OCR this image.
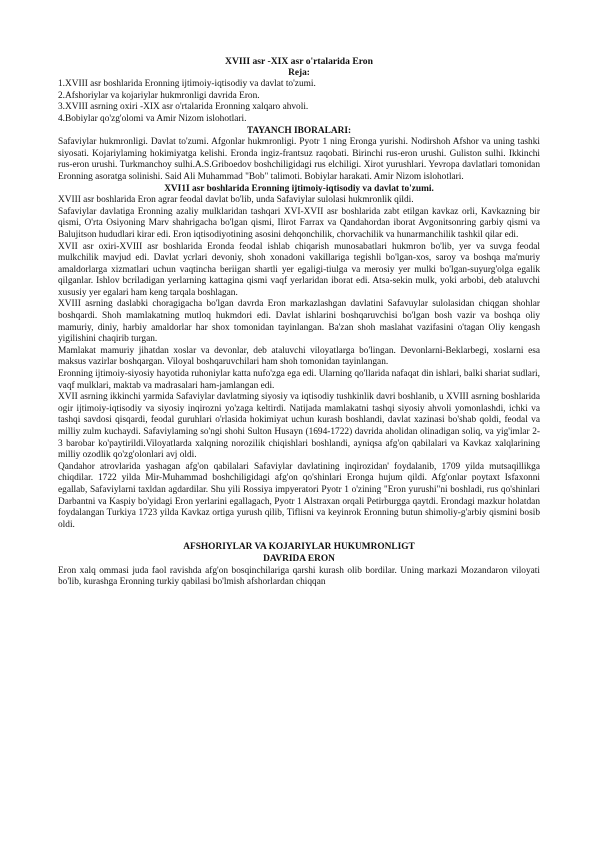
XVIII asr -XIX asr o'rtalarida Eron
Reja:

1.XVIII asr boshlarida Eronning ijtimoiy-iqtisodiy va davlat to'zumi.

2.Afshoriylar va kojariylar hukmronligi davrida Eron.

3.XVIII asrning oxiri -XIX asr o'rtalarida Eronning xalqaro ahvoli.

4.Bobiylar qo'zg'olomi va Amir Nizom islohotlari.

TAYANCH IBORALARI:

Safaviylar hukmronligi. Davlat to'zumi. Afgonlar hukmronligi. Pyotr 1 ning Eronga yurishi. Nodirshoh Afshor va uning tashki siyosati. Kojariylaming hokimiyatga kelishi. Eronda ingiz-frantsuz raqobati. Birinchi rus-eron urushi. Guliston sulhi. Ikkinchi rus-eron urushi. Turkmanchoy sulhi.A.S.Griboedov boshchiligidagi rus elchiligi. Xirot yurushlari. Yevropa davlatlari tomonidan Eronning asoratga solinishi. Said Ali Muhammad "Bob" talimoti. Bobiylar harakati. Amir Nizom islohotlari.

XVI1I asr boshlarida Eronning ijtimoiy-iqtisodiy va davlat to'zumi.

XVIII asr boshlarida Eron agrar feodal davlat bo'lib, unda Safaviylar sulolasi hukmronlik qildi.

Safaviylar davlatiga Eronning azaliy mulklaridan tashqari XVI-XVII asr boshlarida zabt etilgan kavkaz orli, Kavkazning bir qismi, O'rta Osiyoning Marv shahrigacha bo'lgan qismi, Ilirot Farrax va Qandahordan iborat Avgonitsonring garbiy qismi va Balujitson hududlari kirar edi. Eron iqtisodiyotining asosini dehqonchilik, chorvachilik va hunarmanchilik tashkil qilar edi.

XVII asr oxiri-XVIII asr boshlarida Eronda feodal ishlab chiqarish munosabatlari hukmron bo'lib, yer va suvga feodal mulkchilik mavjud edi. Davlat ycrlari devoniy, shoh xonadoni vakillariga tegishli bo'lgan-xos, saroy va boshqa ma'muriy amaldorlarga xizmatlari uchun vaqtincha beriigan shartli yer egaligi-tiulga va merosiy yer mulki bo'lgan-suyurg'olga egalik qilganlar. Ishlov bcriladigan yerlarning kattagina qismi vaqf yerlaridan iborat edi. Atsa-sekin mulk, yoki arbobi, deb ataluvchi xususiy yer egalari ham keng tarqala boshlagan.

XVIII asrning daslabki choragigacha bo'lgan davrda Eron markazlashgan davlatini Safavuylar sulolasidan chiqgan shohlar boshqardi. Shoh mamlakatning mutloq hukmdori edi. Davlat ishlarini boshqaruvchisi bo'lgan bosh vazir va boshqa oliy mamuriy, diniy, harbiy amaldorlar har shox tomonidan tayinlangan. Ba'zan shoh maslahat vazifasini o'tagan Oliy kengash yigilishini chaqirib turgan.

Mamlakat mamuriy jihatdan xoslar va devonlar, deb ataluvchi viloyatlarga bo'lingan. Devonlarni-Beklarbegi, xoslarni esa maksus vazirlar boshqargan. Viloyal boshqaruvchilari ham shoh tomonidan tayinlangan.

Eronning ijtimoiy-siyosiy hayotida ruhoniylar katta nufo'zga ega edi. Ularning qo'llarida nafaqat din ishlari, balki shariat sudlari, vaqf mulklari, maktab va madrasalari ham-jamlangan edi.

XVII asrning ikkinchi yarmida Safaviylar davlatming siyosiy va iqtisodiy tushkinlik davri boshlanib, u XVIII asrning boshlarida ogir ijtimoiy-iqtisodiy va siyosiy inqirozni yo'zaga keltirdi. Natijada mamlakatni tashqi siyosiy ahvoli yomonlashdi, ichki va tashqi savdosi qisqardi, feodal guruhlari o'rlasida hokimiyat uchun kurash boshlandi, davlat xazinasi bo'shab qoldi, feodal va milliy zulm kuchaydi. Safaviylaming so'ngi shohi Sulton Husayn (1694-1722) davrida aholidan olinadigan soliq, va yig'imlar 2-3 barobar ko'paytirildi.Viloyatlarda xalqning norozilik chiqishlari boshlandi, ayniqsa afg'on qabilalari va Kavkaz xalqlarining milliy ozodlik qo'zg'olonlari avj oldi.

Qandahor atrovlarida yashagan afg'on qabilalari Safaviylar davlatining inqirozidan' foydalanib, 1709 yilda mutsaqillikga chiqdilar. 1722 yilda Mir-Muhammad boshchiligidagi afg'on qo'shinlari Eronga hujum qildi. Afg'onlar poytaxt Isfaxonni egallab, Safaviylarni taxldan agdardilar. Shu yili Rossiya impyeratori Pyotr 1 o'zining "Eron yurushi"ni boshladi, rus qo'shinlari Darbantni va Kaspiy bo'yidagi Eron yerlarini egallagach, Pyotr 1 Alstraxan orqali Petirburgga qaytdi. Erondagi mazkur holatdan foydalangan Turkiya 1723 yilda Kavkaz ortiga yurush qilib, Tiflisni va keyinrok Eronning butun shimoliy-g'arbiy qismini bosib oldi.

AFSHORIYLAR VA KOJARIYLAR HUKUMRONLIGT
DAVRIDA ERON

Eron xalq ommasi juda faol ravishda afg'on bosqinchilariga qarshi kurash olib bordilar. Uning markazi Mozandaron viloyati bo'lib, kurashga Eronning turkiy qabilasi bo'lmish afshorlardan chiqqan
